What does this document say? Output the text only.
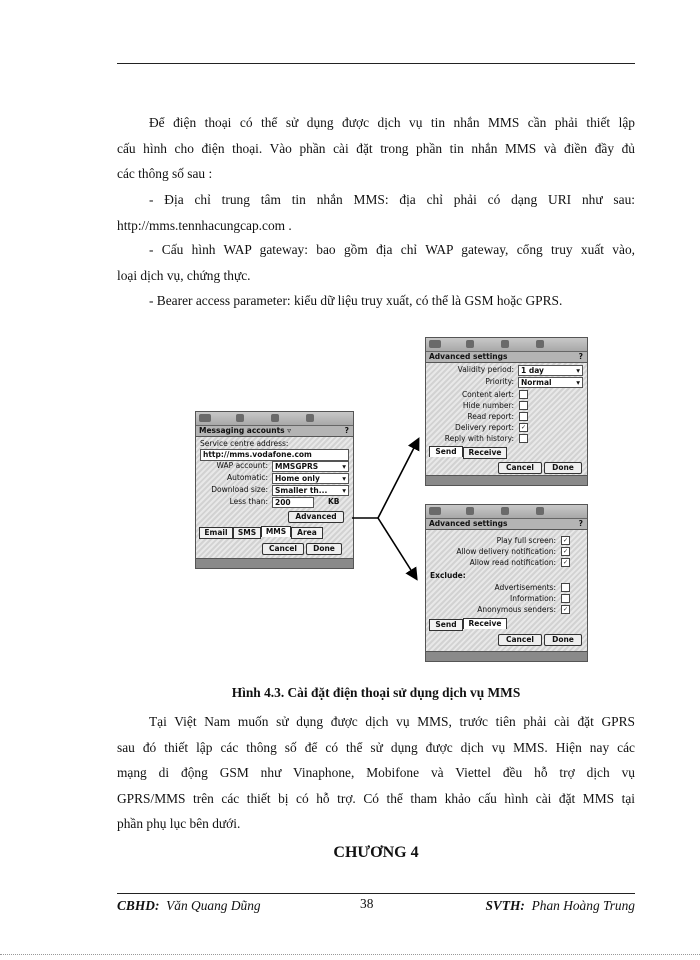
Để điện thoại có thể sử dụng được dịch vụ tin nhắn MMS cần phải thiết lập
cấu hình cho điện thoại. Vào phần cài đặt trong phần tin nhắn MMS và điền đầy đủ
các thông số sau :

- Địa chỉ trung tâm tin nhắn MMS: địa chỉ phải có dạng URI như sau:
http://mms.tennhacungcap.com .

- Cấu hình WAP gateway: bao gồm địa chỉ WAP gateway, cổng truy xuất vào,
loại dịch vụ, chứng thực.

- Bearer access parameter: kiểu dữ liệu truy xuất, có thể là GSM hoặc GPRS.

Messaging accounts ▿	?
Service centre address:
http://mms.vodafone.com
WAP account: MMSGPRS	▾
Automatic: Home only	▾
Download size: Smaller th... ▾
Less than: 200	KB
Advanced
Email	SMS	MMS	Area
Cancel	Done
Advanced settings	?
Validity period: 1 day	▾
Priority: Normal	▾
Content alert:
Hide number:
Read report:
Delivery report:	✓
Reply with history:
Send	Receive
Cancel	Done
Advanced settings	?
Play full screen:	✓
Allow delivery notification:	✓
Allow read notification:	✓
Exclude:
Advertisements:
Information:
Anonymous senders:	✓
Send	Receive
Cancel	Done
Hình 4.3. Cài đặt điện thoại sử dụng dịch vụ MMS

Tại Việt Nam muốn sử dụng được dịch vụ MMS, trước tiên phải cài đặt GPRS
sau đó thiết lập các thông số để có thể sử dụng được dịch vụ MMS. Hiện nay các
mạng di động GSM như Vinaphone, Mobifone và Viettel đều hỗ trợ dịch vụ
GPRS/MMS trên các thiết bị có hỗ trợ. Có thể tham khảo cấu hình cài đặt MMS tại
phần phụ lục bên dưới.

CHƯƠNG 4
CBHD: Văn Quang Dũng	38	SVTH: Phan Hoàng Trung
